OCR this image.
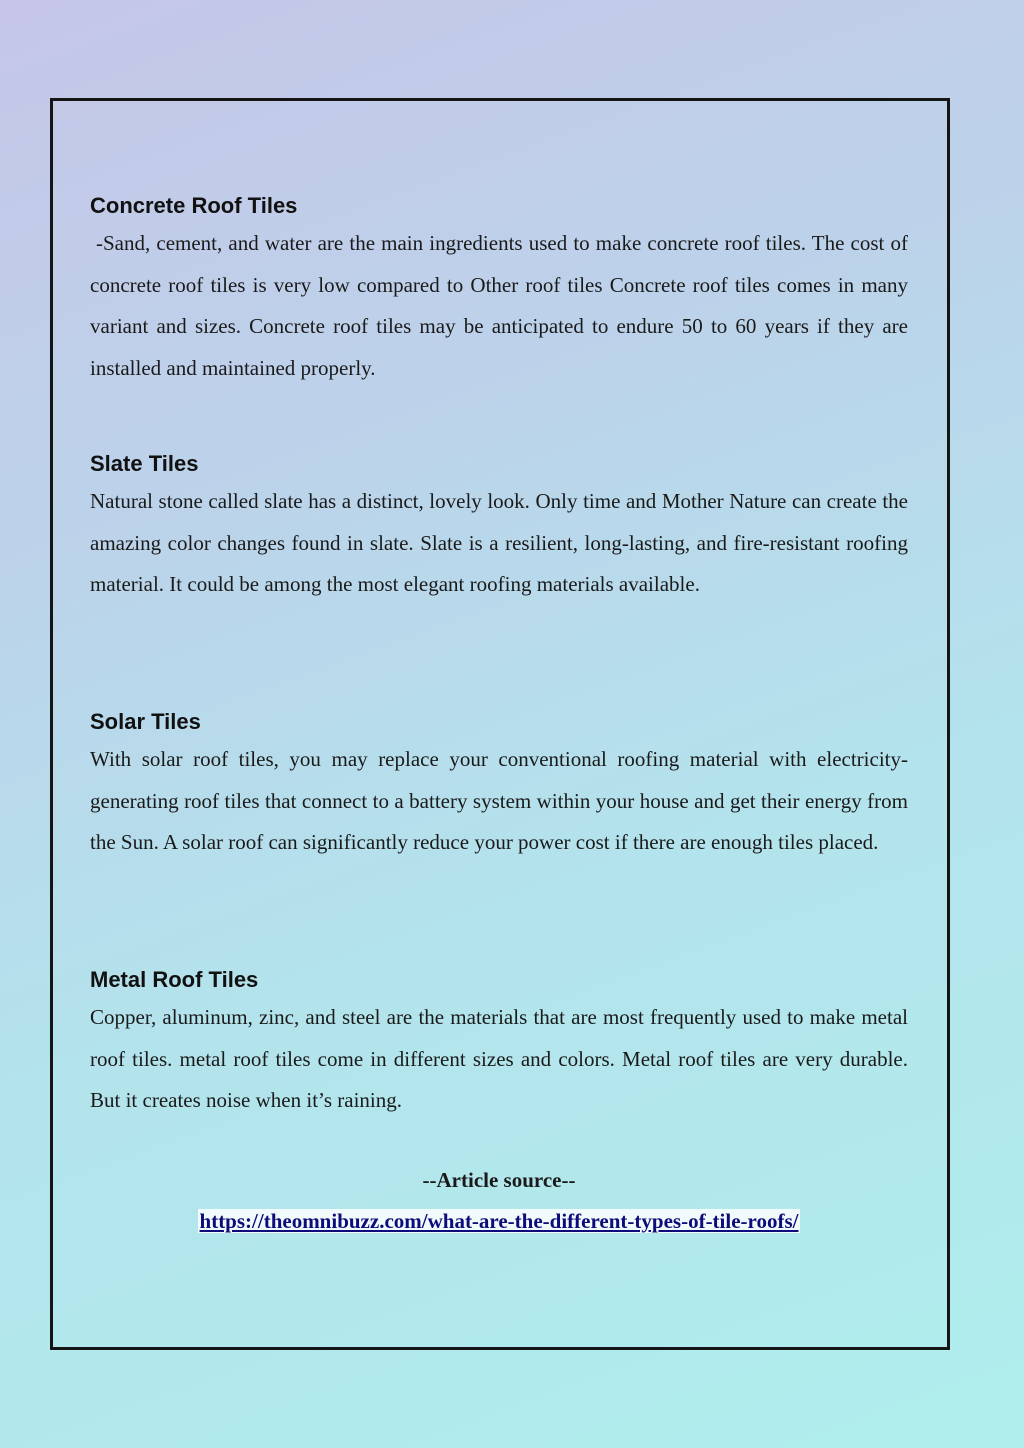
Concrete Roof Tiles

-Sand, cement, and water are the main ingredients used to make concrete roof tiles. The cost of concrete roof tiles is very low compared to Other roof tiles Concrete roof tiles comes in many variant and sizes. Concrete roof tiles may be anticipated to endure 50 to 60 years if they are installed and maintained properly.

Slate Tiles

Natural stone called slate has a distinct, lovely look. Only time and Mother Nature can create the amazing color changes found in slate. Slate is a resilient, long-lasting, and fire-resistant roofing material. It could be among the most elegant roofing materials available.

Solar Tiles

With solar roof tiles, you may replace your conventional roofing material with electricity-generating roof tiles that connect to a battery system within your house and get their energy from the Sun. A solar roof can significantly reduce your power cost if there are enough tiles placed.

Metal Roof Tiles

Copper, aluminum, zinc, and steel are the materials that are most frequently used to make metal roof tiles. metal roof tiles come in different sizes and colors. Metal roof tiles are very durable. But it creates noise when it’s raining.

--Article source--
https://theomnibuzz.com/what-are-the-different-types-of-tile-roofs/
